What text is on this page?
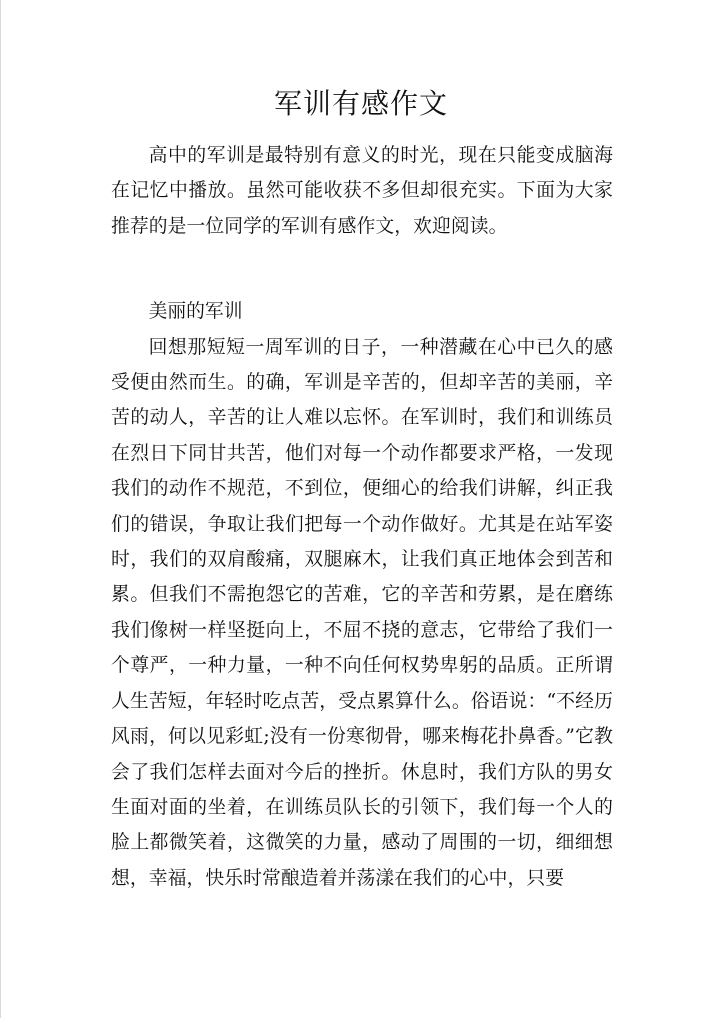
军训有感作文

高中的军训是最特别有意义的时光，现在只能变成脑海在记忆中播放。虽然可能收获不多但却很充实。下面为大家推荐的是一位同学的军训有感作文，欢迎阅读。

美丽的军训

回想那短短一周军训的日子，一种潜藏在心中已久的感受便由然而生。的确，军训是辛苦的，但却辛苦的美丽，辛苦的动人，辛苦的让人难以忘怀。在军训时，我们和训练员在烈日下同甘共苦，他们对每一个动作都要求严格，一发现我们的动作不规范，不到位，便细心的给我们讲解，纠正我们的错误，争取让我们把每一个动作做好。尤其是在站军姿时，我们的双肩酸痛，双腿麻木，让我们真正地体会到苦和累。但我们不需抱怨它的苦难，它的辛苦和劳累，是在磨练我们像树一样坚挺向上，不屈不挠的意志，它带给了我们一个尊严，一种力量，一种不向任何权势卑躬的品质。正所谓人生苦短，年轻时吃点苦，受点累算什么。俗语说：“不经历风雨，何以见彩虹;没有一份寒彻骨，哪来梅花扑鼻香。”它教会了我们怎样去面对今后的挫折。休息时，我们方队的男女生面对面的坐着，在训练员队长的引领下，我们每一个人的脸上都微笑着，这微笑的力量，感动了周围的一切，细细想想，幸福，快乐时常酿造着并荡漾在我们的心中，只要
